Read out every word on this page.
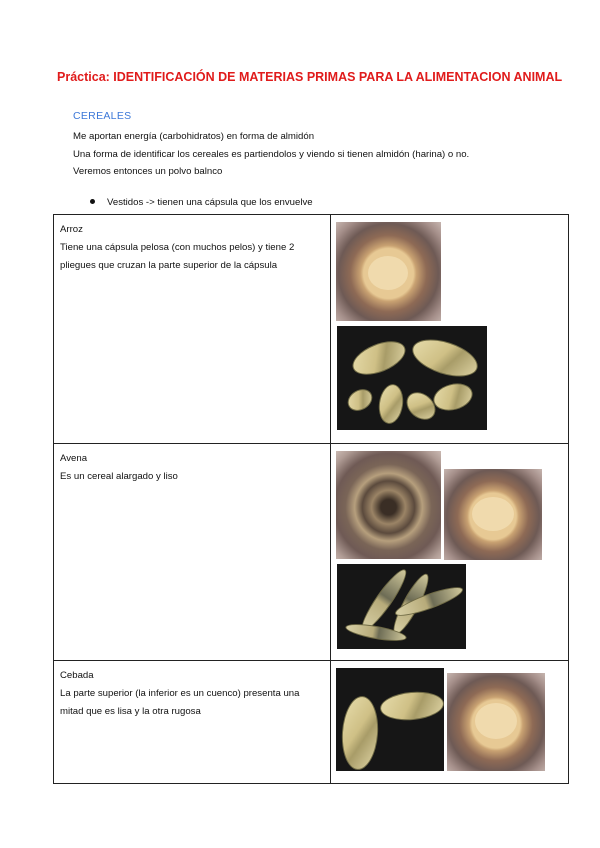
Práctica: IDENTIFICACIÓN DE MATERIAS PRIMAS PARA LA ALIMENTACION ANIMAL
CEREALES
Me aportan energía (carbohidratos) en forma de almidón
Una forma de identificar los cereales es partiendolos y viendo si tienen almidón (harina) o no.
Veremos entonces un polvo balnco
Vestidos -> tienen una cápsula que los envuelve
Arroz
Tiene una cápsula pelosa (con muchos pelos) y tiene 2 pliegues que cruzan la parte superior de la cápsula	

Avena
Es un cereal alargado y liso	

Cebada
La parte superior (la inferior es un cuenco) presenta una mitad que es lisa y la otra rugosa	
